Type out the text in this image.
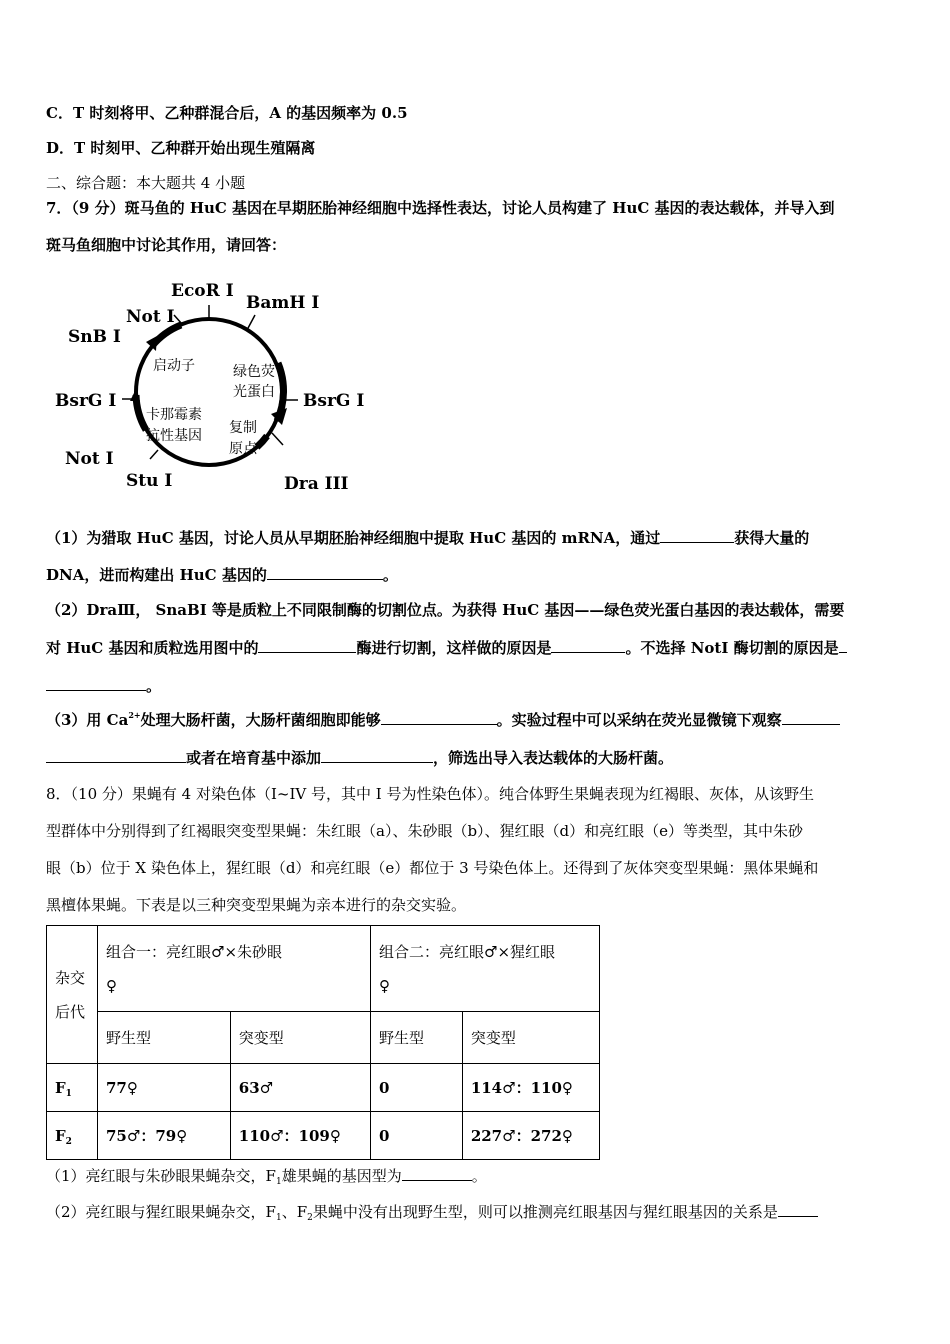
C．T 时刻将甲、乙种群混合后，A 的基因频率为 0.5
D．T 时刻甲、乙种群开始出现生殖隔离
二、综合题：本大题共 4 小题
7．（9 分）斑马鱼的 HuC 基因在早期胚胎神经细胞中选择性表达，讨论人员构建了 HuC 基因的表达载体，并导入到
斑马鱼细胞中讨论其作用，请回答：
EcoR I
BamH I
Not I
SnB I
BsrG I	BsrG I
Not I
Stu I	Dra III
启动子	绿色荧
光蛋白
卡那霉素
抗性基因 复制
原点
（1）为猎取 HuC 基因，讨论人员从早期胚胎神经细胞中提取 HuC 基因的 mRNA，通过	获得大量的
DNA，进而构建出 HuC 基因的	。
（2）DraⅢ， SnaBI 等是质粒上不同限制酶的切割位点。为获得 HuC 基因——绿色荧光蛋白基因的表达载体，需要
对 HuC 基因和质粒选用图中的	酶进行切割，这样做的原因是	。不选择 NotI 酶切割的原因是
。
（3）用 $Ca^{2+}$处理大肠杆菌，大肠杆菌细胞即能够	。实验过程中可以采纳在荧光显微镜下观察
或者在培育基中添加	，筛选出导入表达载体的大肠杆菌。
8．（10 分）果蝇有 4 对染色体（I~IV 号，其中 I 号为性染色体）。纯合体野生果蝇表现为红褐眼、灰体，从该野生
型群体中分别得到了红褐眼突变型果蝇：朱红眼（a）、朱砂眼（b）、猩红眼（d）和亮红眼（e）等类型，其中朱砂
眼（b）位于 X 染色体上，猩红眼（d）和亮红眼（e）都位于 3 号染色体上。还得到了灰体突变型果蝇：黑体果蝇和
黑檀体果蝇。下表是以三种突变型果蝇为亲本进行的杂交实验。
杂交
后代	组合一：亮红眼♂×朱砂眼
♀		组合二：亮红眼♂×猩红眼
♀	
	野生型	突变型	野生型	突变型
$F_1$	77♀	63♂	0	114♂：110♀
$F_2$	75♂：79♀	110♂：109♀	0	227♂：272♀
（1）亮红眼与朱砂眼果蝇杂交，$F_1$雄果蝇的基因型为	。
（2）亮红眼与猩红眼果蝇杂交，$F_1$、$F_2$果蝇中没有出现野生型，则可以推测亮红眼基因与猩红眼基因的关系是
